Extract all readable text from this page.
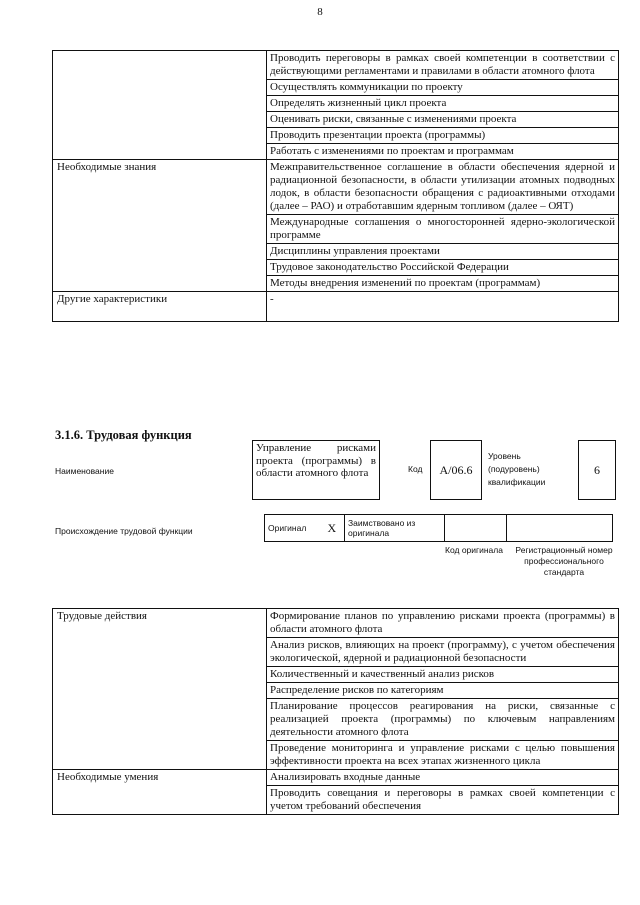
8
	Проводить переговоры в рамках своей компетенции в соответствии с действующими регламентами и правилами в области атомного флота
	Осуществлять коммуникации по проекту
	Определять жизненный цикл проекта
	Оценивать риски, связанные с изменениями проекта
	Проводить презентации проекта (программы)
	Работать с изменениями по проектам и программам
Необходимые знания	Межправительственное соглашение в области обеспечения ядерной и радиационной безопасности, в области утилизации атомных подводных лодок, в области безопасности обращения с радиоактивными отходами (далее – РАО) и отработавшим ядерным топливом (далее – ОЯТ)
	Международные соглашения о многосторонней ядерно-экологической программе
	Дисциплины управления проектами
	Трудовое законодательство Российской Федерации
	Методы внедрения изменений по проектам (программам)
Другие характеристики	-
3.1.6. Трудовая функция
Наименование
Управление рисками проекта (программы) в области атомного флота	Код А/06.6
Уровень (подуровень) квалификации
6
Происхождение трудовой функции	Оригинал	X	Заимствовано из оригинала		
Код оригинала	Регистрационный номер профессионального стандарта
Трудовые действия	Формирование планов по управлению рисками проекта (программы) в области атомного флота
	Анализ рисков, влияющих на проект (программу), с учетом обеспечения экологической, ядерной и радиационной безопасности
	Количественный и качественный анализ рисков
	Распределение рисков по категориям
	Планирование процессов реагирования на риски, связанные с реализацией проекта (программы) по ключевым направлениям деятельности атомного флота
	Проведение мониторинга и управление рисками с целью повышения эффективности проекта на всех этапах жизненного цикла
Необходимые умения	Анализировать входные данные
	Проводить совещания и переговоры в рамках своей компетенции с учетом требований обеспечения
